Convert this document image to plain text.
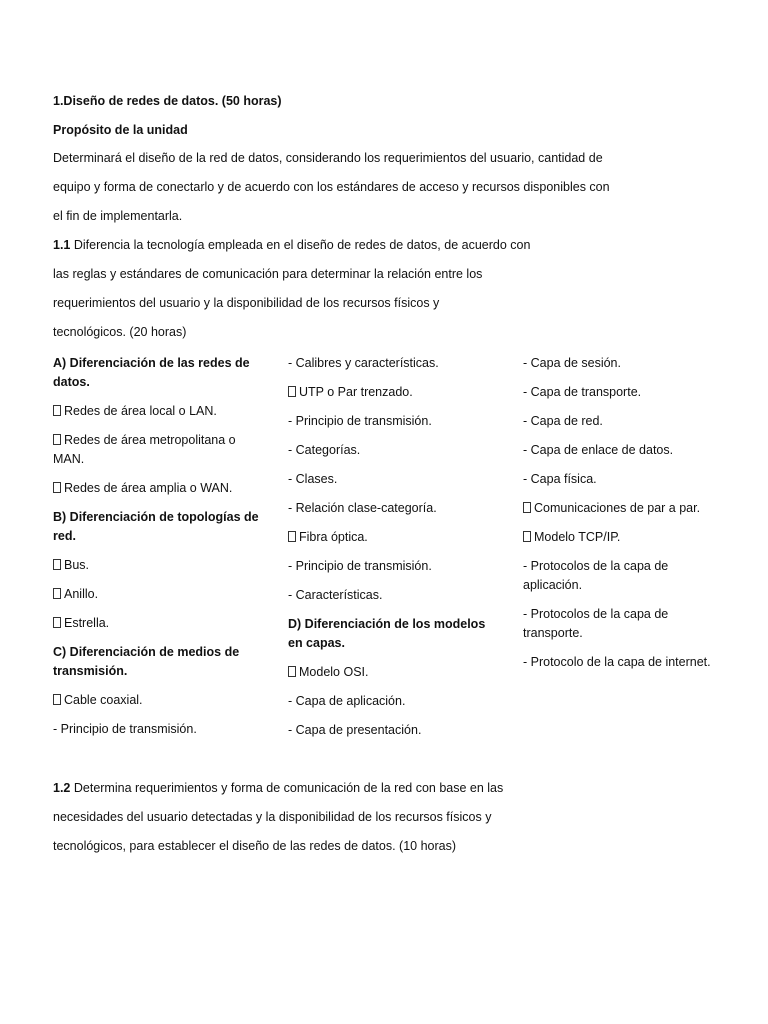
1.Diseño de redes de datos. (50 horas)
Propósito de la unidad
Determinará el diseño de la red de datos, considerando los requerimientos del usuario, cantidad de
equipo y forma de conectarlo y de acuerdo con los estándares de acceso y recursos disponibles con
el fin de implementarla.
1.1 Diferencia la tecnología empleada en el diseño de redes de datos, de acuerdo con
las reglas y estándares de comunicación para determinar la relación entre los
requerimientos del usuario y la disponibilidad de los recursos físicos y
tecnológicos. (20 horas)
A) Diferenciación de las redes de datos.
Redes de área local o LAN.
Redes de área metropolitana o MAN.
Redes de área amplia o WAN.
B) Diferenciación de topologías de red.
Bus.
Anillo.
Estrella.
C) Diferenciación de medios de transmisión.
Cable coaxial.
- Principio de transmisión.
- Calibres y características.
UTP o Par trenzado.
- Principio de transmisión.
- Categorías.
- Clases.
- Relación clase-categoría.
Fibra óptica.
- Principio de transmisión.
- Características.
D) Diferenciación de los modelos en capas.
Modelo OSI.
- Capa de aplicación.
- Capa de presentación.
- Capa de sesión.
- Capa de transporte.
- Capa de red.
- Capa de enlace de datos.
- Capa física.
Comunicaciones de par a par.
Modelo TCP/IP.
- Protocolos de la capa de aplicación.
- Protocolos de la capa de transporte.
- Protocolo de la capa de internet.
1.2 Determina requerimientos y forma de comunicación de la red con base en las
necesidades del usuario detectadas y la disponibilidad de los recursos físicos y
tecnológicos, para establecer el diseño de las redes de datos. (10 horas)
